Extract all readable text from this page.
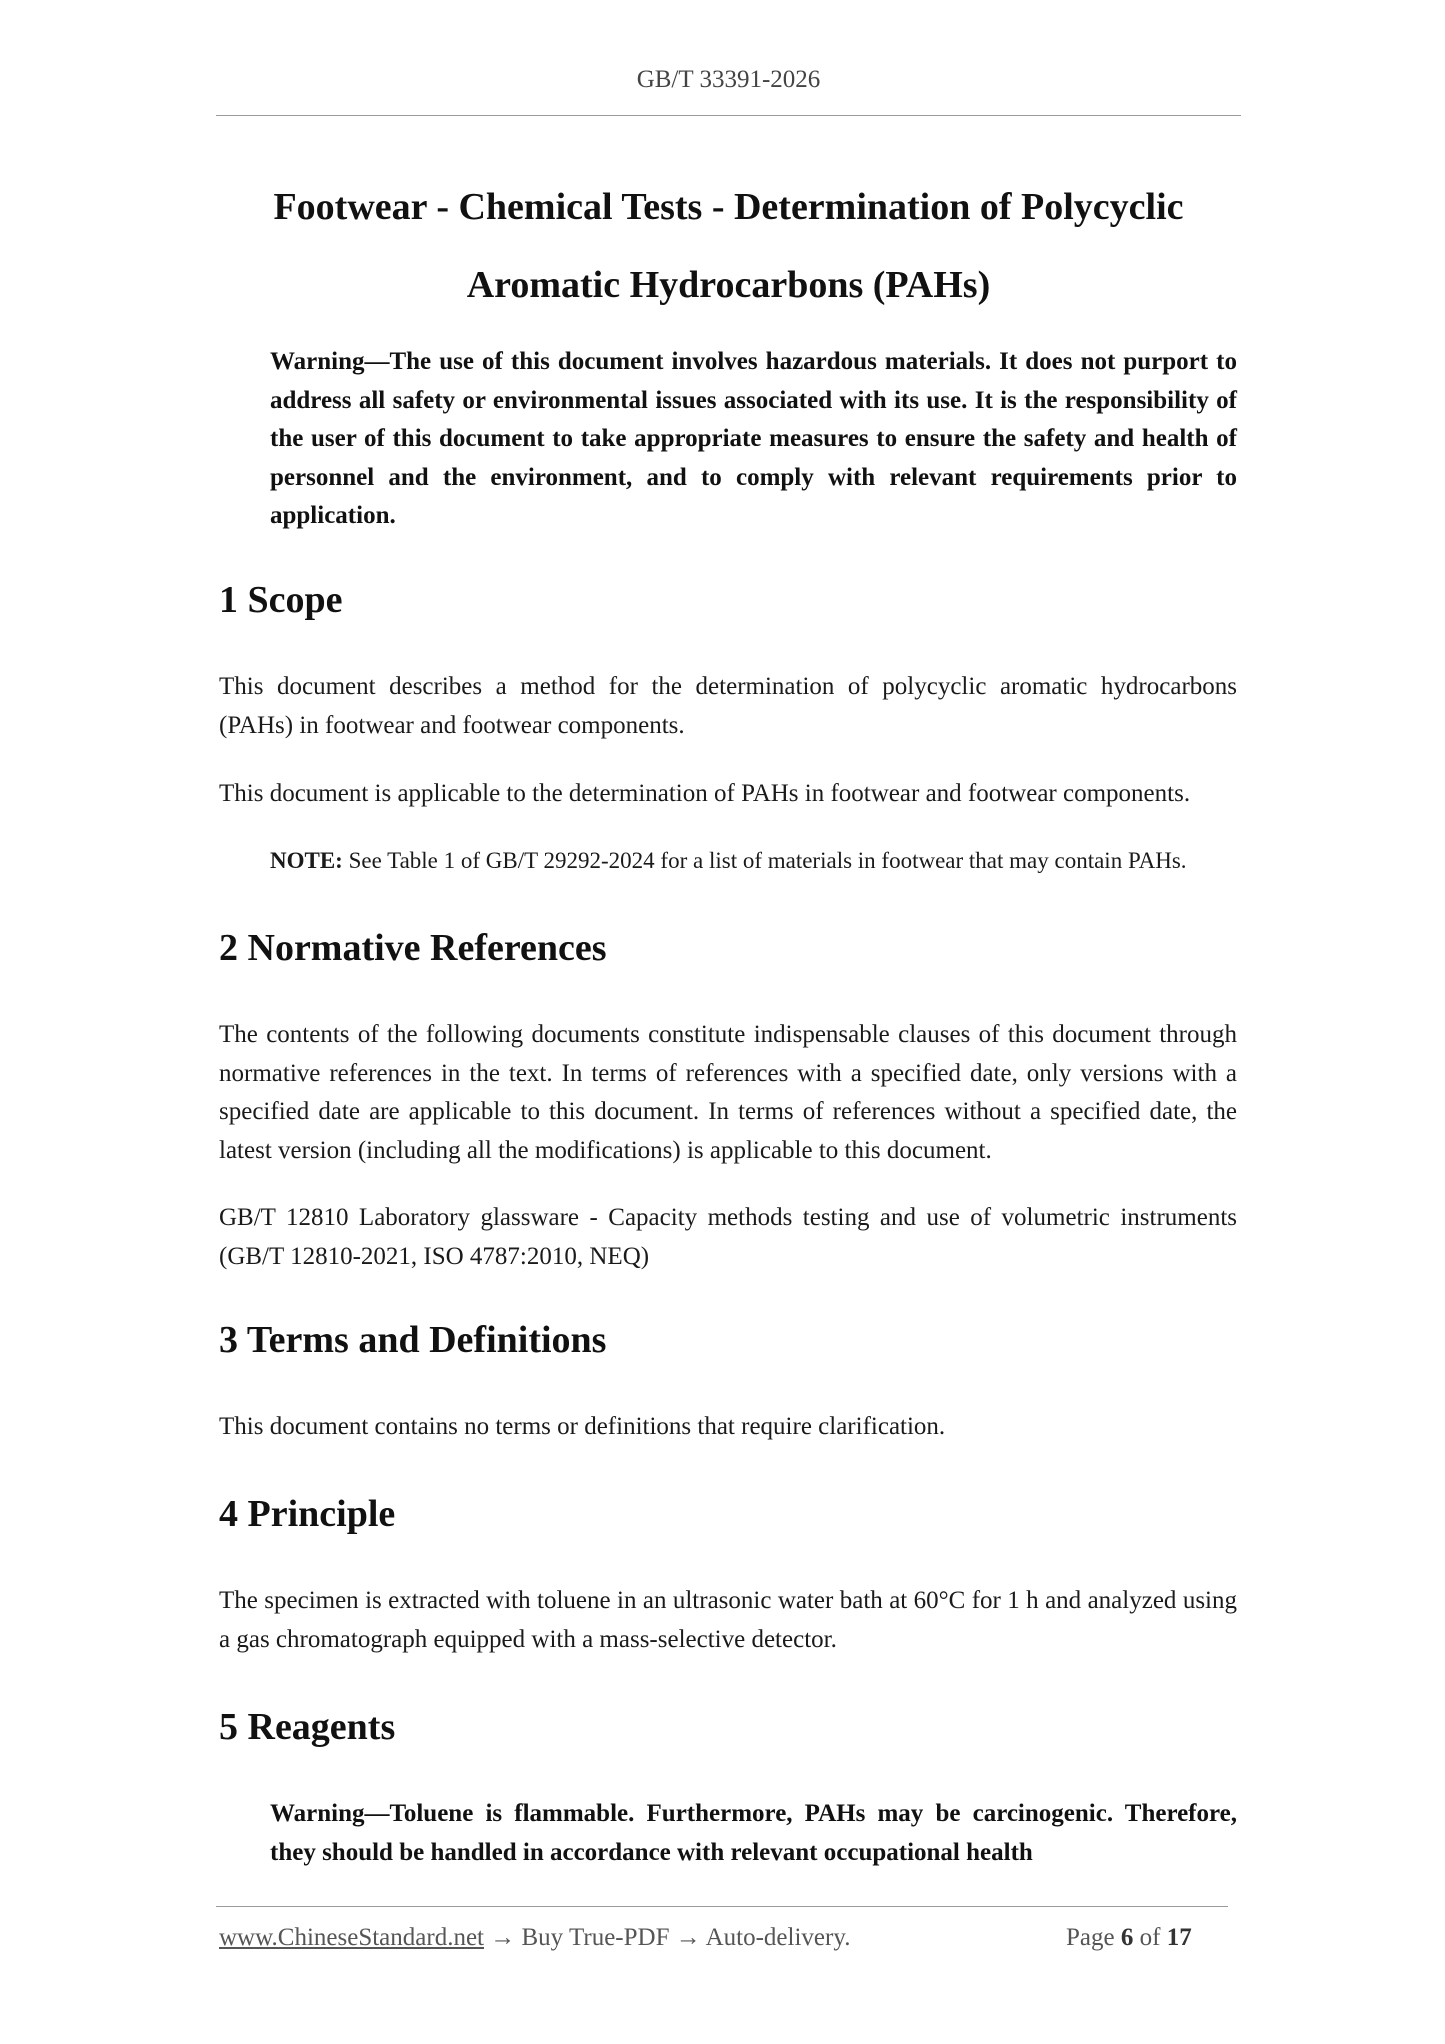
GB/T 33391-2026
Footwear - Chemical Tests - Determination of Polycyclic
Aromatic Hydrocarbons (PAHs)
Warning—The use of this document involves hazardous materials. It does not purport to address all safety or environmental issues associated with its use. It is the responsibility of the user of this document to take appropriate measures to ensure the safety and health of personnel and the environment, and to comply with relevant requirements prior to application.
1 Scope
This document describes a method for the determination of polycyclic aromatic hydrocarbons (PAHs) in footwear and footwear components.
This document is applicable to the determination of PAHs in footwear and footwear components.
NOTE: See Table 1 of GB/T 29292-2024 for a list of materials in footwear that may contain PAHs.
2 Normative References
The contents of the following documents constitute indispensable clauses of this document through normative references in the text. In terms of references with a specified date, only versions with a specified date are applicable to this document. In terms of references without a specified date, the latest version (including all the modifications) is applicable to this document.
GB/T 12810 Laboratory glassware - Capacity methods testing and use of volumetric instruments (GB/T 12810-2021, ISO 4787:2010, NEQ)
3 Terms and Definitions
This document contains no terms or definitions that require clarification.
4 Principle
The specimen is extracted with toluene in an ultrasonic water bath at 60°C for 1 h and analyzed using a gas chromatograph equipped with a mass-selective detector.
5 Reagents
Warning—Toluene is flammable. Furthermore, PAHs may be carcinogenic. Therefore, they should be handled in accordance with relevant occupational health
www.ChineseStandard.net → Buy True-PDF → Auto-delivery.	Page 6 of 17
